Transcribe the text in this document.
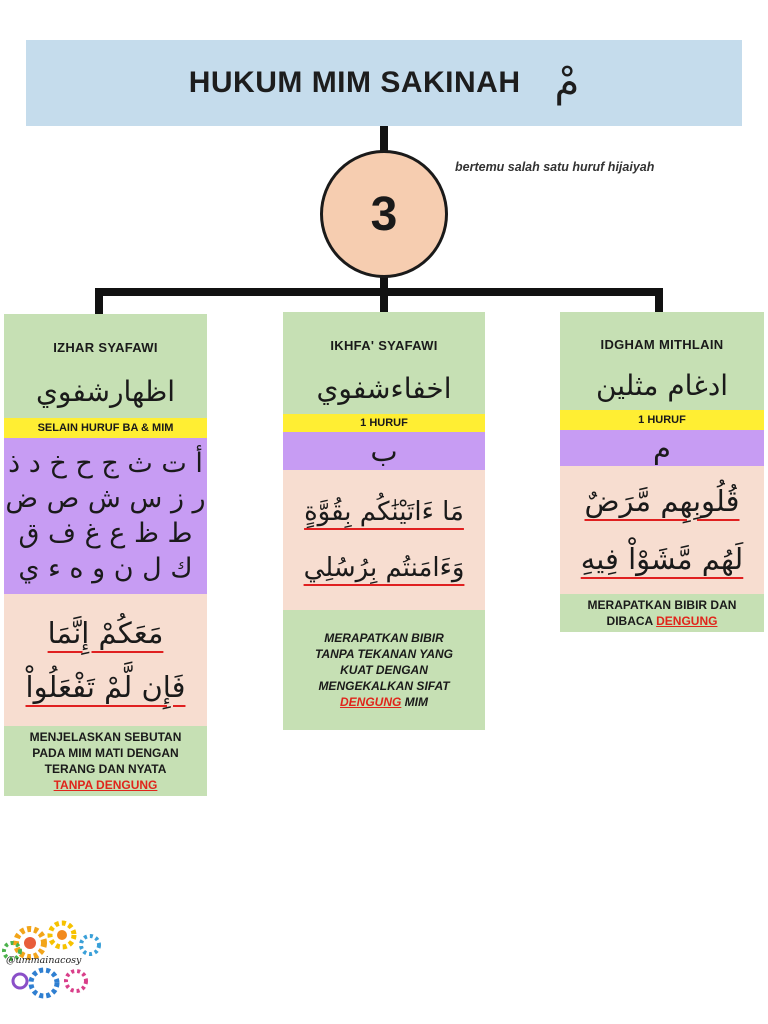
HUKUM MIM SAKINAH مْ
3
bertemu salah satu huruf hijaiyah
IZHAR SYAFAWI
اظهارشفوي
SELAIN HURUF BA & MIM
أ ت ث ج ح خ د ذ
ر ز س ش ص ض
ط ظ ع غ ف ق
ك ل ن و ه ء ي
مَعَكُمْ إِنَّمَا
فَإِن لَّمْ تَفْعَلُواْ
MENJELASKAN SEBUTAN
PADA MIM MATI DENGAN
TERANG DAN NYATA
TANPA DENGUNG
IKHFA' SYAFAWI
اخفاءشفوي
1 HURUF
ب
مَا ءَاتَيْنَٰكُم بِقُوَّةٍ
وَءَامَنتُم بِرُسُلِي
MERAPATKAN BIBIR
TANPA TEKANAN YANG
KUAT DENGAN
MENGEKALKAN SIFAT
DENGUNG MIM
IDGHAM MITHLAIN
ادغام مثلين
1 HURUF
م
قُلُوبِهِم مَّرَضٌ
لَهُم مَّشَوْاْ فِيهِ
MERAPATKAN BIBIR DAN
DIBACA DENGUNG
@ummainacosy
